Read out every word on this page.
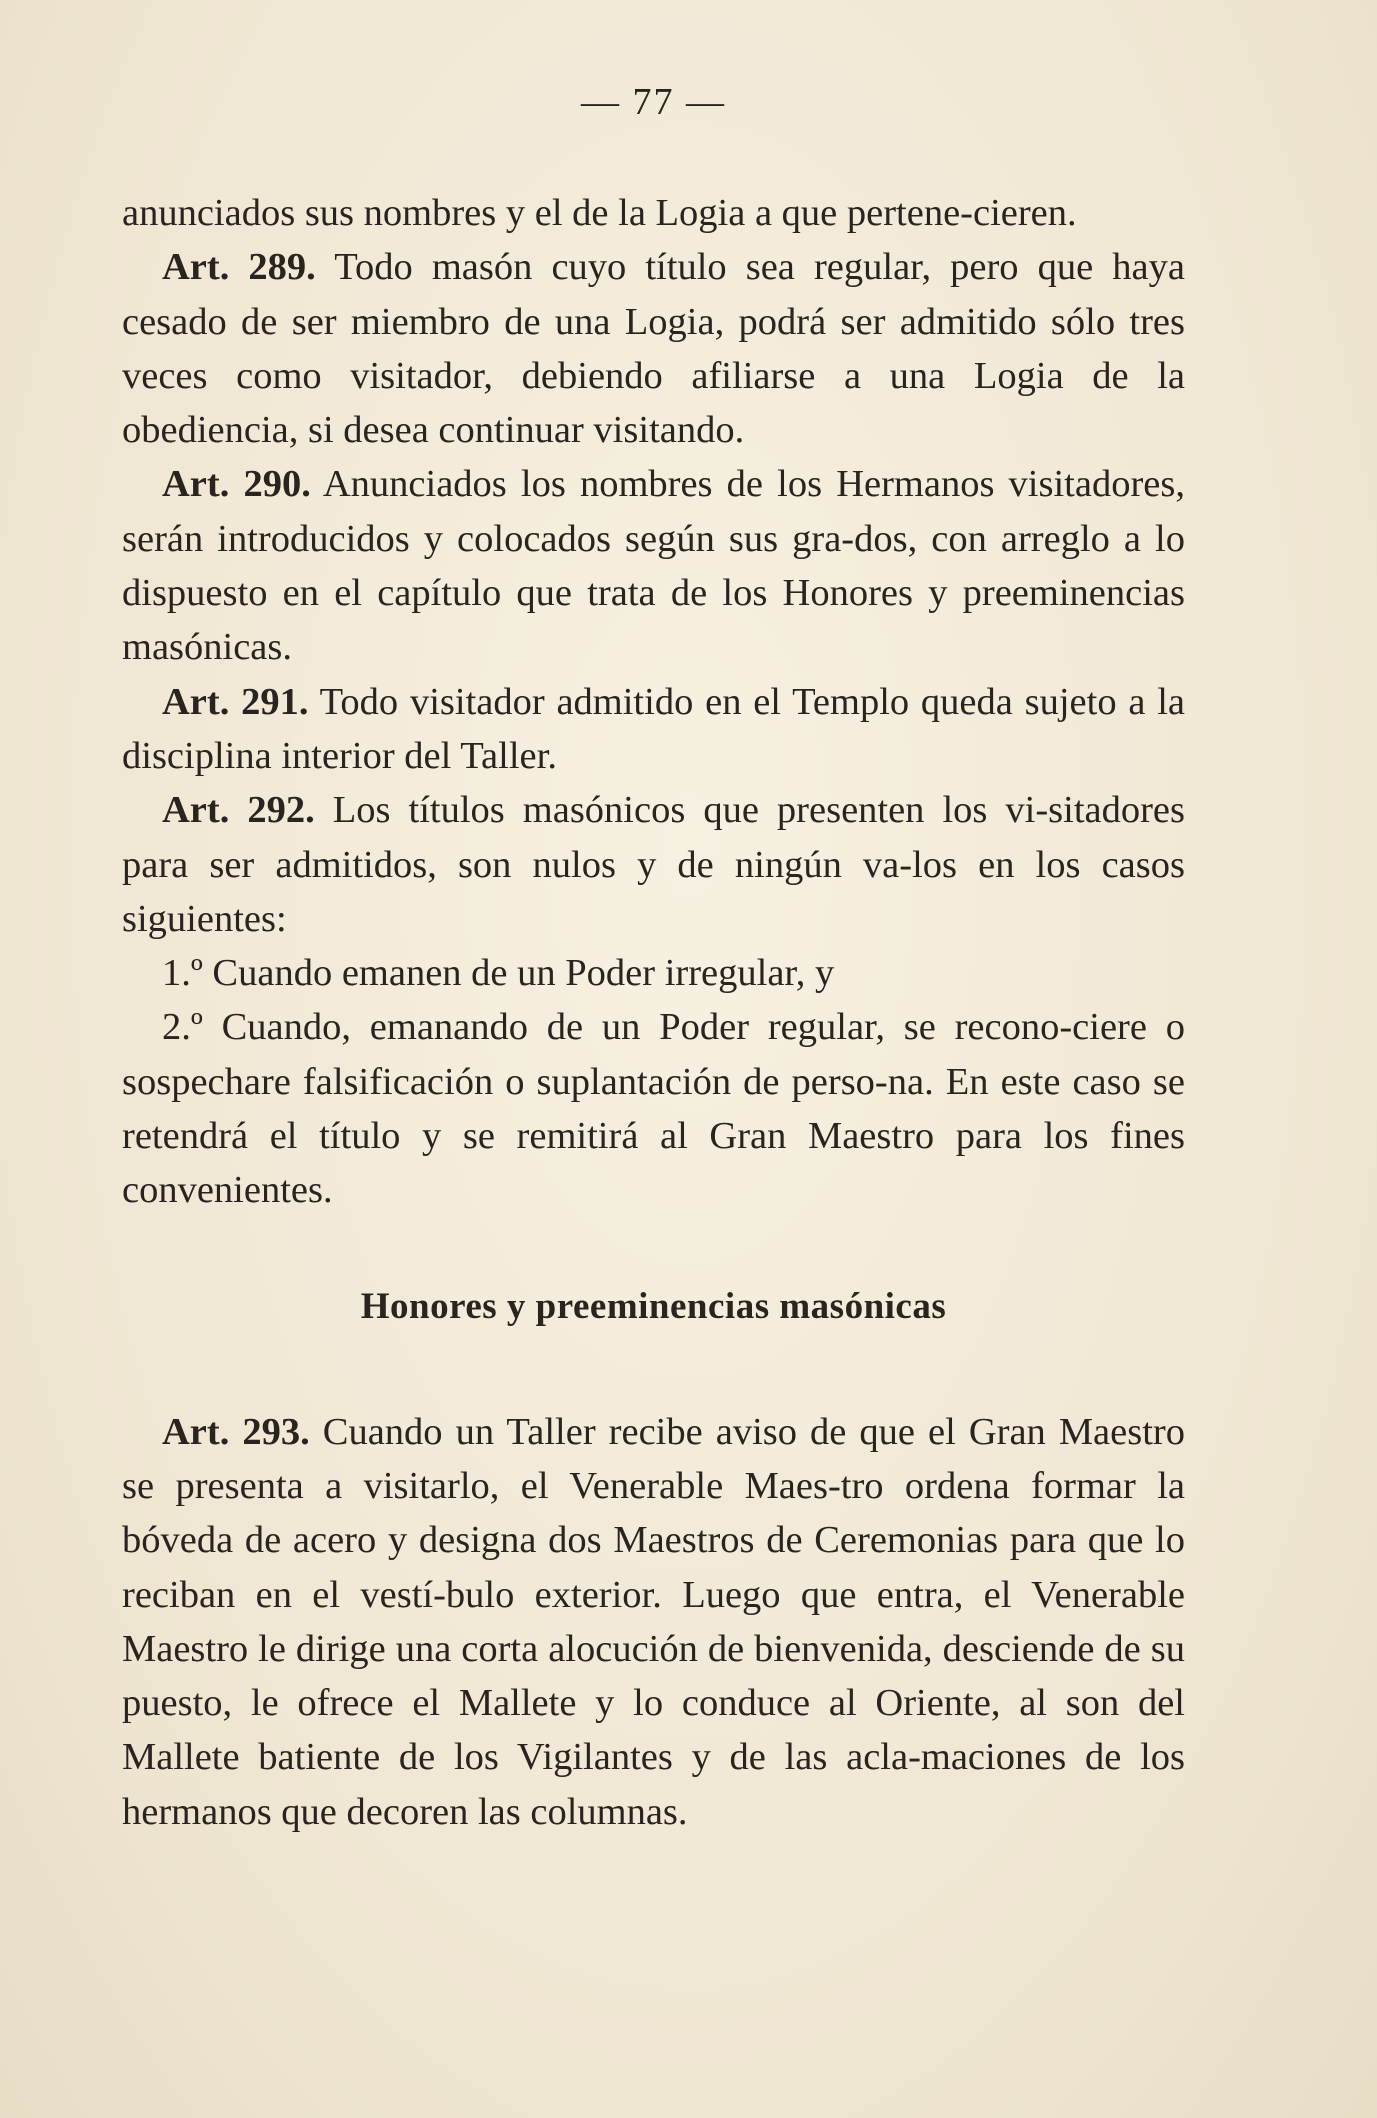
— 77 —

anunciados sus nombres y el de la Logia a que pertene-cieren.

Art. 289. Todo masón cuyo título sea regular, pero que haya cesado de ser miembro de una Logia, podrá ser admitido sólo tres veces como visitador, debiendo afiliarse a una Logia de la obediencia, si desea continuar visitando.

Art. 290. Anunciados los nombres de los Hermanos visitadores, serán introducidos y colocados según sus gra-dos, con arreglo a lo dispuesto en el capítulo que trata de los Honores y preeminencias masónicas.

Art. 291. Todo visitador admitido en el Templo queda sujeto a la disciplina interior del Taller.

Art. 292. Los títulos masónicos que presenten los vi-sitadores para ser admitidos, son nulos y de ningún va-los en los casos siguientes:

1.º Cuando emanen de un Poder irregular, y

2.º Cuando, emanando de un Poder regular, se recono-ciere o sospechare falsificación o suplantación de perso-na. En este caso se retendrá el título y se remitirá al Gran Maestro para los fines convenientes.

Honores y preeminencias masónicas

Art. 293. Cuando un Taller recibe aviso de que el Gran Maestro se presenta a visitarlo, el Venerable Maes-tro ordena formar la bóveda de acero y designa dos Maestros de Ceremonias para que lo reciban en el vestí-bulo exterior. Luego que entra, el Venerable Maestro le dirige una corta alocución de bienvenida, desciende de su puesto, le ofrece el Mallete y lo conduce al Oriente, al son del Mallete batiente de los Vigilantes y de las acla-maciones de los hermanos que decoren las columnas.
